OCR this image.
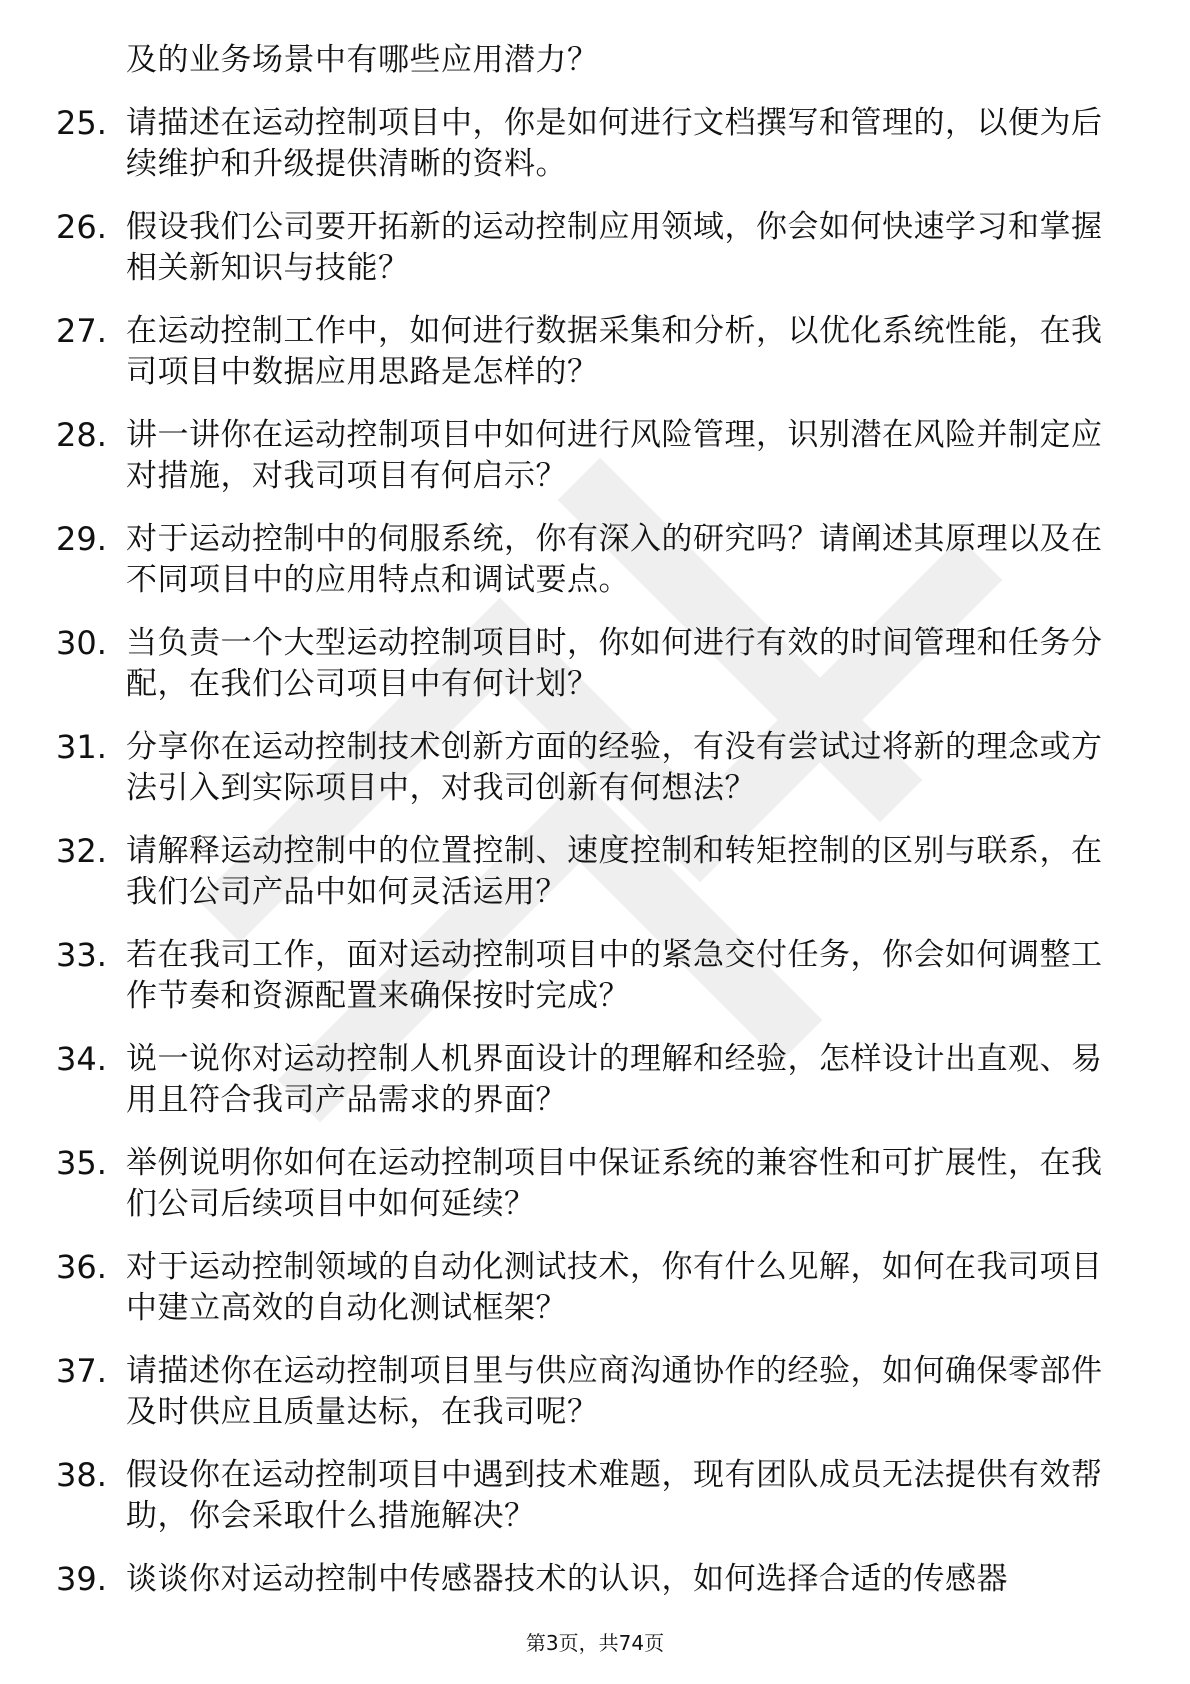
及的业务场景中有哪些应用潜力？
25. 请描述在运动控制项目中，你是如何进行文档撰写和管理的，以便为后续维护和升级提供清晰的资料。
26. 假设我们公司要开拓新的运动控制应用领域，你会如何快速学习和掌握相关新知识与技能？
27. 在运动控制工作中，如何进行数据采集和分析，以优化系统性能，在我司项目中数据应用思路是怎样的？
28. 讲一讲你在运动控制项目中如何进行风险管理，识别潜在风险并制定应对措施，对我司项目有何启示？
29. 对于运动控制中的伺服系统，你有深入的研究吗？请阐述其原理以及在不同项目中的应用特点和调试要点。
30. 当负责一个大型运动控制项目时，你如何进行有效的时间管理和任务分配，在我们公司项目中有何计划？
31. 分享你在运动控制技术创新方面的经验，有没有尝试过将新的理念或方法引入到实际项目中，对我司创新有何想法？
32. 请解释运动控制中的位置控制、速度控制和转矩控制的区别与联系，在我们公司产品中如何灵活运用？
33. 若在我司工作，面对运动控制项目中的紧急交付任务，你会如何调整工作节奏和资源配置来确保按时完成？
34. 说一说你对运动控制人机界面设计的理解和经验，怎样设计出直观、易用且符合我司产品需求的界面？
35. 举例说明你如何在运动控制项目中保证系统的兼容性和可扩展性，在我们公司后续项目中如何延续？
36. 对于运动控制领域的自动化测试技术，你有什么见解，如何在我司项目中建立高效的自动化测试框架？
37. 请描述你在运动控制项目里与供应商沟通协作的经验，如何确保零部件及时供应且质量达标，在我司呢？
38. 假设你在运动控制项目中遇到技术难题，现有团队成员无法提供有效帮助，你会采取什么措施解决？
39. 谈谈你对运动控制中传感器技术的认识，如何选择合适的传感器
第3页，共74页
